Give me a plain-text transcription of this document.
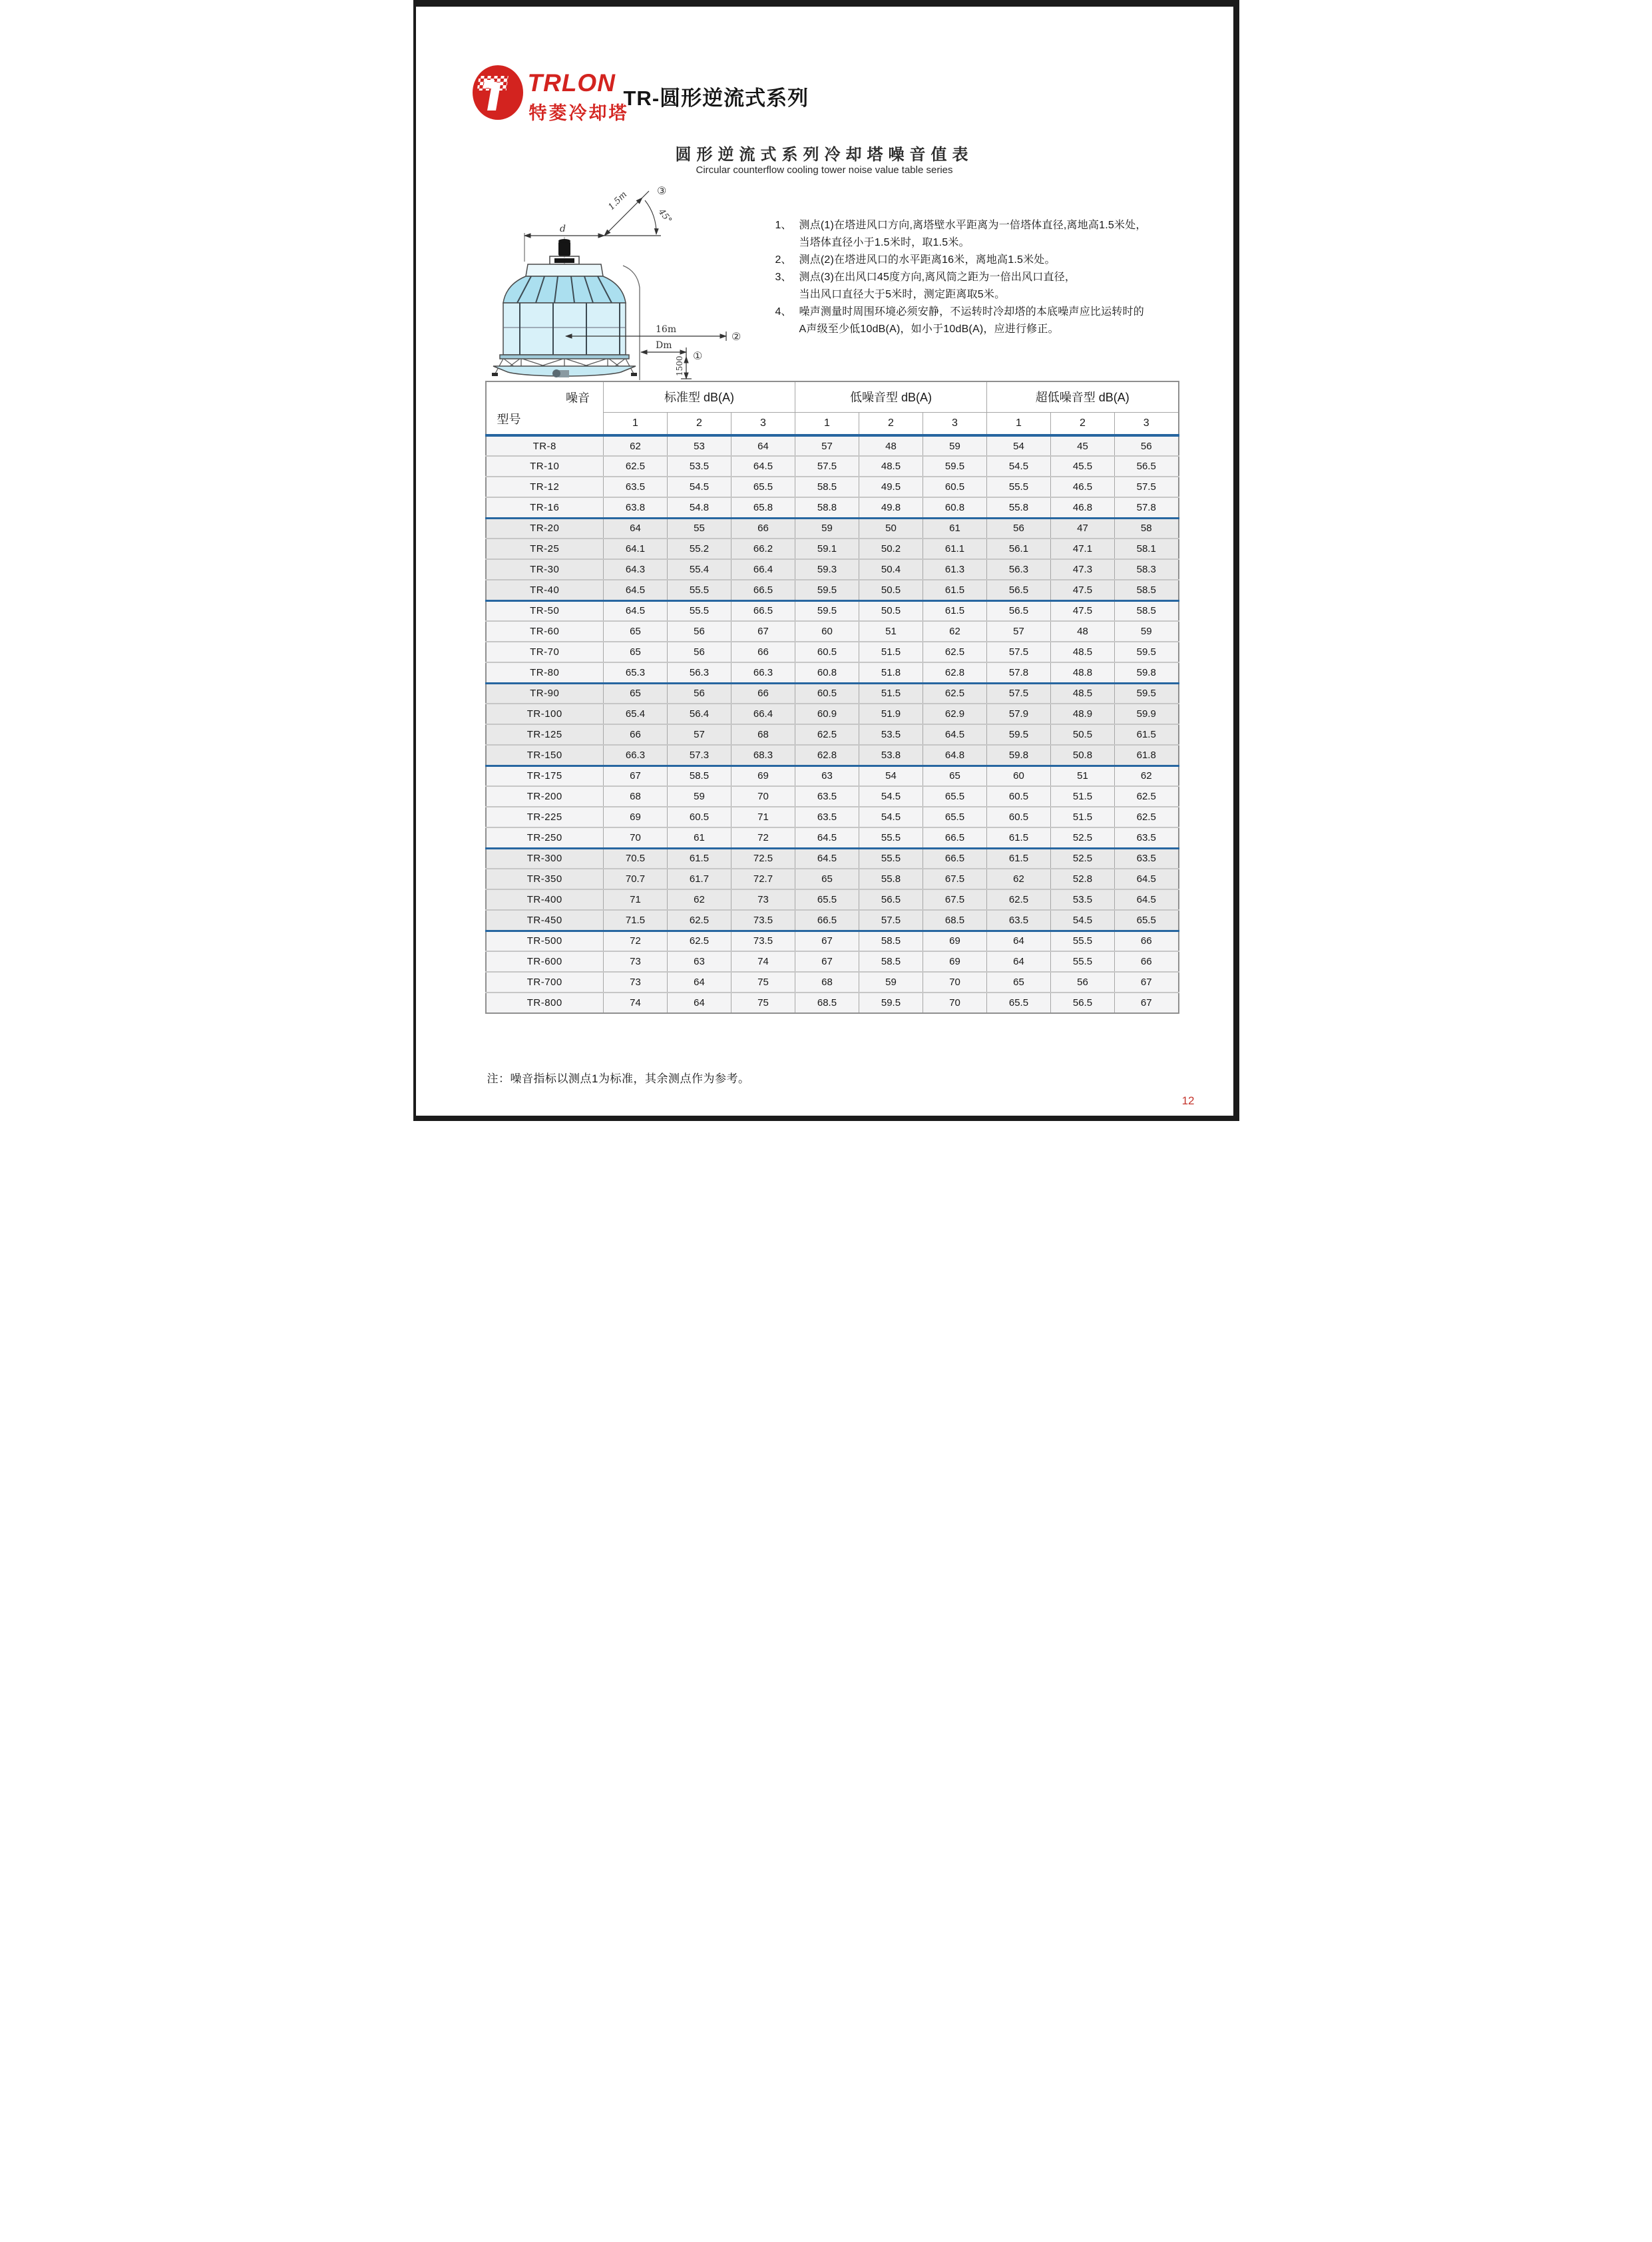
TRLON
特菱冷却塔
TR-圆形逆流式系列
圆形逆流式系列冷却塔噪音值表
Circular counterflow cooling tower noise value table series
d
1.5m
45°
③
16m
②
Dm
①
1500
1、 测点(1)在塔进风口方向,离塔壁水平距离为一倍塔体直径,离地高1.5米处，
当塔体直径小于1.5米时，取1.5米。
2、 测点(2)在塔进风口的水平距离16米，离地高1.5米处。
3、 测点(3)在出风口45度方向,离风筒之距为一倍出风口直径，
当出风口直径大于5米时，测定距离取5米。
4、 噪声测量时周围环境必须安静，不运转时冷却塔的本底噪声应比运转时的
A声级至少低10dB(A)，如小于10dB(A)，应进行修正。
噪音
型号	标准型 dB(A)			低噪音型 dB(A)			超低噪音型 dB(A)		
	1	2	3	1	2	3	1	2	3
TR-8	62	53	64	57	48	59	54	45	56
TR-10	62.5	53.5	64.5	57.5	48.5	59.5	54.5	45.5	56.5
TR-12	63.5	54.5	65.5	58.5	49.5	60.5	55.5	46.5	57.5
TR-16	63.8	54.8	65.8	58.8	49.8	60.8	55.8	46.8	57.8
TR-20	64	55	66	59	50	61	56	47	58
TR-25	64.1	55.2	66.2	59.1	50.2	61.1	56.1	47.1	58.1
TR-30	64.3	55.4	66.4	59.3	50.4	61.3	56.3	47.3	58.3
TR-40	64.5	55.5	66.5	59.5	50.5	61.5	56.5	47.5	58.5
TR-50	64.5	55.5	66.5	59.5	50.5	61.5	56.5	47.5	58.5
TR-60	65	56	67	60	51	62	57	48	59
TR-70	65	56	66	60.5	51.5	62.5	57.5	48.5	59.5
TR-80	65.3	56.3	66.3	60.8	51.8	62.8	57.8	48.8	59.8
TR-90	65	56	66	60.5	51.5	62.5	57.5	48.5	59.5
TR-100	65.4	56.4	66.4	60.9	51.9	62.9	57.9	48.9	59.9
TR-125	66	57	68	62.5	53.5	64.5	59.5	50.5	61.5
TR-150	66.3	57.3	68.3	62.8	53.8	64.8	59.8	50.8	61.8
TR-175	67	58.5	69	63	54	65	60	51	62
TR-200	68	59	70	63.5	54.5	65.5	60.5	51.5	62.5
TR-225	69	60.5	71	63.5	54.5	65.5	60.5	51.5	62.5
TR-250	70	61	72	64.5	55.5	66.5	61.5	52.5	63.5
TR-300	70.5	61.5	72.5	64.5	55.5	66.5	61.5	52.5	63.5
TR-350	70.7	61.7	72.7	65	55.8	67.5	62	52.8	64.5
TR-400	71	62	73	65.5	56.5	67.5	62.5	53.5	64.5
TR-450	71.5	62.5	73.5	66.5	57.5	68.5	63.5	54.5	65.5
TR-500	72	62.5	73.5	67	58.5	69	64	55.5	66
TR-600	73	63	74	67	58.5	69	64	55.5	66
TR-700	73	64	75	68	59	70	65	56	67
TR-800	74	64	75	68.5	59.5	70	65.5	56.5	67
注：噪音指标以测点1为标准，其余测点作为参考。
12
